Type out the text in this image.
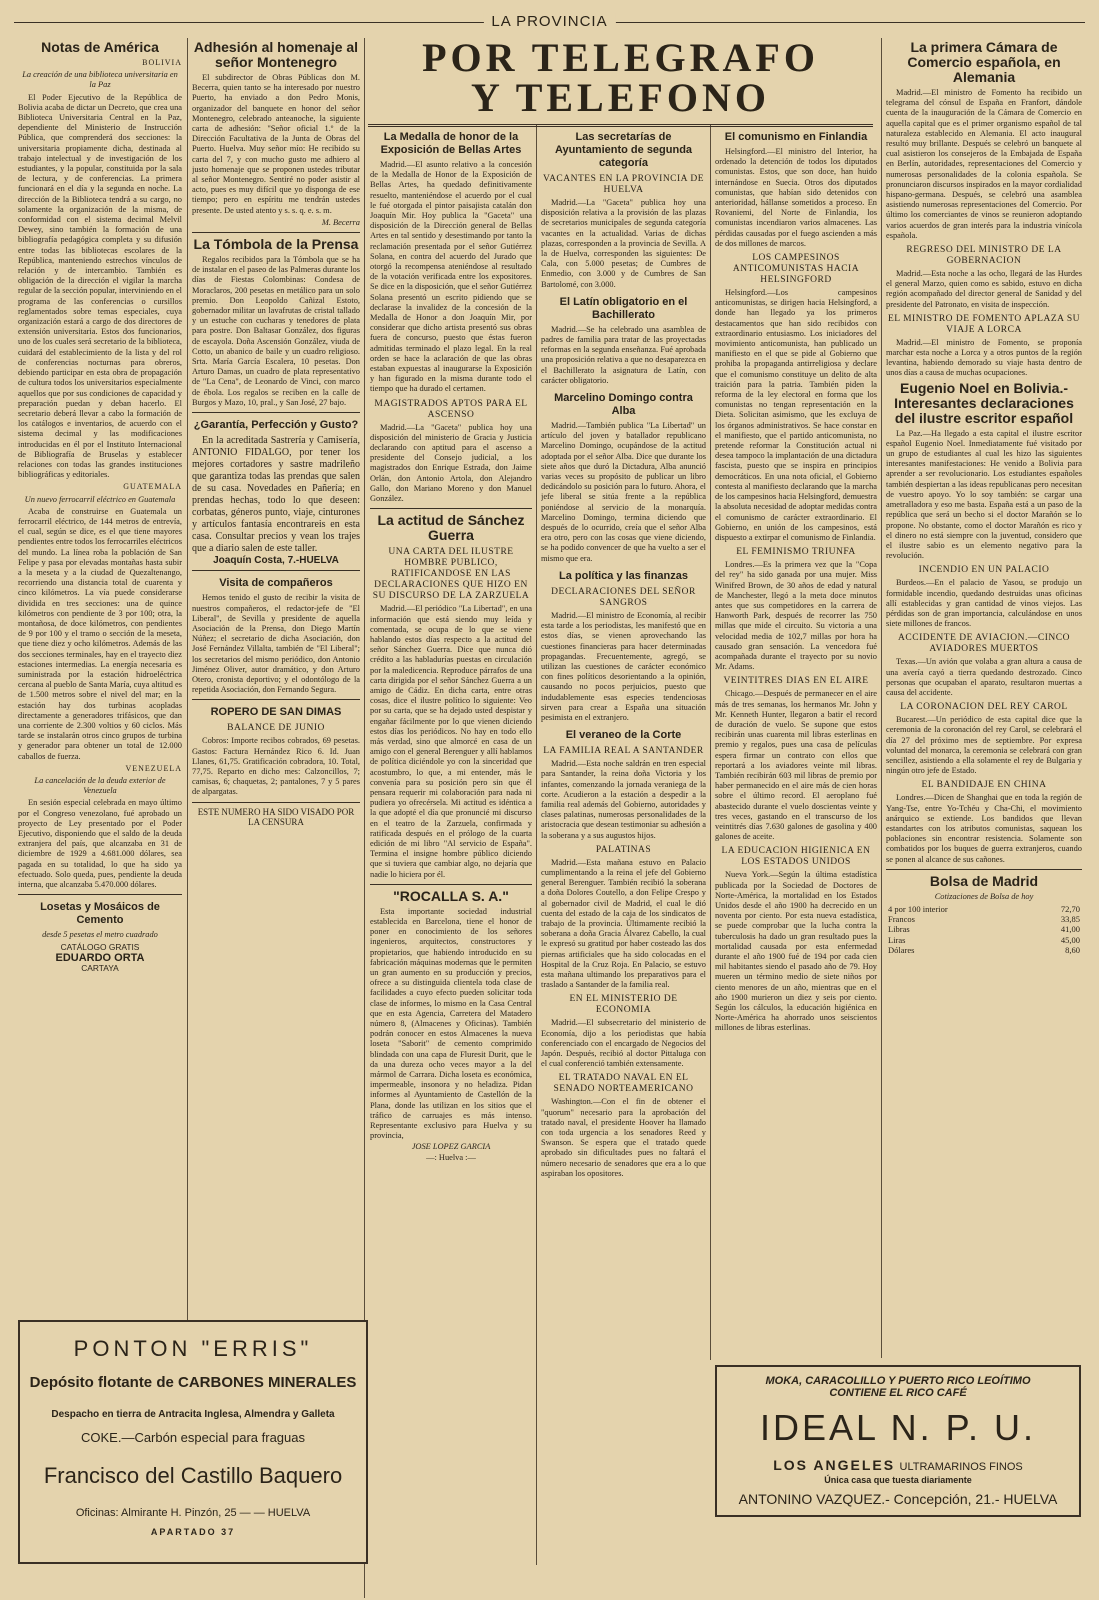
LA PROVINCIA
POR TELEGRAFO
Y TELEFONO
Notas de América
BOLIVIA
La creación de una biblioteca universitaria en la Paz

El Poder Ejecutivo de la República de Bolivia acaba de dictar un Decreto, que crea una Biblioteca Universitaria Central en la Paz, dependiente del Ministerio de Instrucción Pública, que comprenderá dos secciones: la universitaria propiamente dicha, destinada al trabajo intelectual y de investigación de los estudiantes, y la popular, constituida por la sala de lectura, y de conferencias. La primera funcionará en el día y la segunda en noche. La dirección de la Biblioteca tendrá a su cargo, no solamente la organización de la misma, de conformidad con el sistema decimal Melvil Dewey, sino también la formación de una bibliografía pedagógica completa y su difusión entre todas las bibliotecas escolares de la República, manteniendo estrechos vínculos de relación y de intercambio. También es obligación de la dirección el vigilar la marcha regular de la sección popular, interviniendo en el programa de las conferencias o cursillos reglamentados sobre temas especiales, cuya organización estará a cargo de dos directores de extensión universitaria. Estos dos funcionarios, uno de los cuales será secretario de la biblioteca, cuidará del establecimiento de la lista y del rol de conferencias nocturnas para obreros, debiendo participar en esta obra de propagación de cultura todos los universitarios especialmente aquellos que por sus condiciones de capacidad y preparación puedan y deban hacerlo. El secretario deberá llevar a cabo la formación de los catálogos e inventarios, de acuerdo con el sistema decimal y las modificaciones introducidas en él por el Instituto Internacional de Bibliografía de Bruselas y establecer relaciones con todas las grandes instituciones bibliográficas y editoriales.

GUATEMALA
Un nuevo ferrocarril eléctrico en Guatemala

Acaba de construirse en Guatemala un ferrocarril eléctrico, de 144 metros de entrevía, el cual, según se dice, es el que tiene mayores pendientes entre todos los ferrocarriles eléctricos del mundo. La línea roba la población de San Felipe y pasa por elevadas montañas hasta subir a la meseta y a la ciudad de Quezaltenango, recorriendo una distancia total de cuarenta y cinco kilómetros. La vía puede considerarse dividida en tres secciones: una de quince kilómetros con pendiente de 3 por 100; otra, la montañosa, de doce kilómetros, con pendientes de 9 por 100 y el tramo o sección de la meseta, que tiene diez y ocho kilómetros. Además de las dos secciones terminales, hay en el trayecto diez estaciones intermedias. La energía necesaria es suministrada por la estación hidroeléctrica cercana al pueblo de Santa María, cuya altitud es de 1.500 metros sobre el nivel del mar; en la estación hay dos turbinas acopladas directamente a generadores trifásicos, que dan una corriente de 2.300 voltios y 60 ciclos. Más tarde se instalarán otros cinco grupos de turbina y generador para obtener un total de 12.000 caballos de fuerza.

VENEZUELA
La cancelación de la deuda exterior de Venezuela

En sesión especial celebrada en mayo último por el Congreso venezolano, fué aprobado un proyecto de Ley presentado por el Poder Ejecutivo, disponiendo que el saldo de la deuda extranjera del país, que alcanzaba en 31 de diciembre de 1929 a 4.681.000 dólares, sea pagada en su totalidad, lo que ha sido ya efectuado. Solo queda, pues, pendiente la deuda interna, que alcanzaba 5.470.000 dólares.

Losetas y Mosáicos de Cemento
desde 5 pesetas el metro cuadrado
CATÁLOGO GRATIS
EDUARDO ORTA
CARTAYA
Adhesión al homenaje al señor Montenegro

El subdirector de Obras Públicas don M. Becerra, quien tanto se ha interesado por nuestro Puerto, ha enviado a don Pedro Monis, organizador del banquete en honor del señor Montenegro, celebrado anteanoche, la siguiente carta de adhesión: "Señor oficial 1.º de la Dirección Facultativa de la Junta de Obras del Puerto. Huelva. Muy señor mío: He recibido su carta del 7, y con mucho gusto me adhiero al justo homenaje que se proponen ustedes tributar al señor Montenegro. Sentiré no poder asistir al acto, pues es muy difícil que yo disponga de ese tiempo; pero en espíritu me tendrán ustedes presente. De usted atento y s. s. q. e. s. m.

M. Becerra
La Tómbola de la Prensa

Regalos recibidos para la Tómbola que se ha de instalar en el paseo de las Palmeras durante los días de Fiestas Colombinas: Condesa de Moraclaros, 200 pesetas en metálico para un solo premio. Don Leopoldo Cañizal Estoto, gobernador militar un lavafrutas de cristal tallado y un estuche con cucharas y tenedores de plata para postre. Don Baltasar González, dos figuras de escayola. Doña Ascensión González, viuda de Cotto, un abanico de baile y un cuadro religioso. Srta. María García Escalera, 10 pesetas. Don Arturo Damas, un cuadro de plata representativo de "La Cena", de Leonardo de Vinci, con marco de ébola. Los regalos se reciben en la calle de Burgos y Mazo, 10, pral., y San José, 27 bajo.

¿Garantía, Perfección y Gusto?

En la acreditada Sastrería y Camisería, ANTONIO FIDALGO, por tener los mejores cortadores y sastre madrileño que garantiza todas las prendas que salen de su casa. Novedades en Pañería; en prendas hechas, todo lo que deseen: corbatas, géneros punto, viaje, cinturones y artículos fantasía encontrareis en esta casa. Consultar precios y vean los trajes que a diario salen de este taller.

Joaquín Costa, 7.-HUELVA
Visita de compañeros

Hemos tenido el gusto de recibir la visita de nuestros compañeros, el redactor-jefe de "El Liberal", de Sevilla y presidente de aquella Asociación de la Prensa, don Diego Martín Núñez; el secretario de dicha Asociación, don José Fernández Villalta, también de "El Liberal"; los secretarios del mismo periódico, don Antonio Jiménez Oliver, autor dramático, y don Arturo Otero, cronista deportivo; y el odontólogo de la repetida Asociación, don Fernando Segura.

ROPERO DE SAN DIMAS
BALANCE DE JUNIO

Cobros: Importe recibos cobrados, 69 pesetas. Gastos: Factura Hernández Rico 6. Id. Juan Llanes, 61,75. Gratificación cobradora, 10. Total, 77,75. Reparto en dicho mes: Calzoncillos, 7; camisas, 6; chaquetas, 2; pantalones, 7 y 5 pares de alpargatas.

ESTE NUMERO HA SIDO VISADO POR LA CENSURA
La Medalla de honor de la Exposición de Bellas Artes

Madrid.—El asunto relativo a la concesión de la Medalla de Honor de la Exposición de Bellas Artes, ha quedado definitivamente resuelto, manteniéndose el acuerdo por el cual le fué otorgada el pintor paisajista catalán don Joaquín Mir. Hoy publica la "Gaceta" una disposición de la Dirección general de Bellas Artes en tal sentido y desestimando por tanto la reclamación presentada por el señor Gutiérrez Solana, en contra del acuerdo del Jurado que otorgó la recompensa ateniéndose al resultado de la votación verificada entre los expositores. Se dice en la disposición, que el señor Gutiérrez Solana presentó un escrito pidiendo que se declarase la invalidez de la concesión de la Medalla de Honor a don Joaquín Mir, por considerar que dicho artista presentó sus obras fuera de concurso, puesto que éstas fueron admitidas terminado el plazo legal. En la real orden se hace la aclaración de que las obras estaban expuestas al inaugurarse la Exposición y han figurado en la misma durante todo el tiempo que ha durado el certamen.

MAGISTRADOS APTOS PARA EL ASCENSO

Madrid.—La "Gaceta" publica hoy una disposición del ministerio de Gracia y Justicia declarando con aptitud para el ascenso a presidente del Consejo judicial, a los magistrados don Enrique Estrada, don Jaime Orlán, don Antonio Artola, don Alejandro Gallo, don Mariano Moreno y don Manuel González.

La actitud de Sánchez Guerra
UNA CARTA DEL ILUSTRE HOMBRE PUBLICO, RATIFICANDOSE EN LAS DECLARACIONES QUE HIZO EN SU DISCURSO DE LA ZARZUELA

Madrid.—El periódico "La Libertad", en una información que está siendo muy leída y comentada, se ocupa de lo que se viene hablando estos días respecto a la actitud del señor Sánchez Guerra. Dice que nunca dió crédito a las habladurías puestas en circulación por la maledicencia. Reproduce párrafos de una carta dirigida por el señor Sánchez Guerra a un amigo de Cádiz. En dicha carta, entre otras cosas, dice el ilustre político lo siguiente: Veo por su carta, que se ha dejado usted despistar y engañar fácilmente por lo que vienen diciendo estos días los periódicos. No hay en todo ello más verdad, sino que almorcé en casa de un amigo con el general Berenguer y allí hablamos de política diciéndole yo con la sinceridad que acostumbro, lo que, a mi entender, más le convenía para su posición pero sin que él pensara requerir mi colaboración para nada ni pudiera yo ofrecérsela. Mi actitud es idéntica a la que adopté el día que pronuncié mi discurso en el teatro de la Zarzuela, confirmada y ratificada después en el prólogo de la cuarta edición de mi libro "Al servicio de España". Termina el insigne hombre público diciendo que si tuviera que cambiar algo, no dejaría que nadie lo hiciera por él.

"ROCALLA S. A."

Esta importante sociedad industrial establecida en Barcelona, tiene el honor de poner en conocimiento de los señores ingenieros, arquitectos, constructores y propietarios, que habiendo introducido en su fabricación máquinas modernas que le permiten un gran aumento en su producción y precios, ofrece a su distinguida clientela toda clase de facilidades a cuyo efecto pueden solicitar toda clase de informes, lo mismo en la Casa Central que en esta Agencia, Carretera del Matadero número 8, (Almacenes y Oficinas). También podrán conocer en estos Almacenes la nueva loseta "Saborit" de cemento comprimido blindada con una capa de Fluresit Durit, que le da una dureza ocho veces mayor a la del mármol de Carrara. Dicha loseta es económica, impermeable, insonora y no heladiza. Pidan informes al Ayuntamiento de Castellón de la Plana, donde las utilizan en los sitios que el tráfico de carruajes es más intenso. Representante exclusivo para Huelva y su provincia,

JOSE LOPEZ GARCIA
—: Huelva :—
Las secretarías de Ayuntamiento de segunda categoría
VACANTES EN LA PROVINCIA DE HUELVA

Madrid.—La "Gaceta" publica hoy una disposición relativa a la provisión de las plazas de secretarios municipales de segunda categoría vacantes en la actualidad. Varias de dichas plazas, corresponden a la provincia de Sevilla. A la de Huelva, corresponden las siguientes: De Cala, con 5.000 pesetas; de Cumbres de Enmedio, con 3.000 y de Cumbres de San Bartolomé, con 3.000.

El Latín obligatorio en el Bachillerato

Madrid.—Se ha celebrado una asamblea de padres de familia para tratar de las proyectadas reformas en la segunda enseñanza. Fué aprobada una proposición relativa a que no desaparezca en el Bachillerato la asignatura de Latín, con carácter obligatorio.

Marcelino Domingo contra Alba

Madrid.—También publica "La Libertad" un artículo del joven y batallador republicano Marcelino Domingo, ocupándose de la actitud adoptada por el señor Alba. Dice que durante los siete años que duró la Dictadura, Alba anunció varias veces su propósito de publicar un libro dedicándolo su posición para lo futuro. Ahora, el jefe liberal se sitúa frente a la república poniéndose al servicio de la monarquía. Marcelino Domingo, termina diciendo que después de lo ocurrido, creía que el señor Alba era otro, pero con las cosas que viene diciendo, se ha podido convencer de que ha vuelto a ser el mismo que era.

La política y las finanzas
DECLARACIONES DEL SEÑOR SANGROS

Madrid.—El ministro de Economía, al recibir esta tarde a los periodistas, les manifestó que en estos días, se vienen aprovechando las cuestiones financieras para hacer determinadas propagandas. Frecuentemente, agregó, se utilizan las cuestiones de carácter económico con fines políticos desorientando a la opinión, causando no pocos perjuicios, puesto que indudablemente esas especies tendenciosas sirven para crear a España una situación pesimista en el extranjero.

El veraneo de la Corte
LA FAMILIA REAL A SANTANDER

Madrid.—Esta noche saldrán en tren especial para Santander, la reina doña Victoria y los infantes, comenzando la jornada veraniega de la corte. Acudieron a la estación a despedir a la familia real además del Gobierno, autoridades y clases palatinas, numerosas personalidades de la aristocracia que desean testimoniar su adhesión a la soberana y a sus augustos hijos.

PALATINAS

Madrid.—Esta mañana estuvo en Palacio cumplimentando a la reina el jefe del Gobierno general Berenguer. También recibió la soberana a doña Dolores Coutello, a don Felipe Crespo y al gobernador civil de Madrid, el cual le dió cuenta del estado de la caja de los sindicatos de trabajo de la provincia. Últimamente recibió la soberana a doña Gracia Álvarez Cabello, la cual le expresó su gratitud por haber costeado las dos piernas artificiales que ha sido colocadas en el Hospital de la Cruz Roja. En Palacio, se estuvo esta mañana ultimando los preparativos para el traslado a Santander de la familia real.

EN EL MINISTERIO DE ECONOMIA

Madrid.—El subsecretario del ministerio de Economía, dijo a los periodistas que había conferenciado con el encargado de Negocios del Japón. Después, recibió al doctor Pittaluga con el cual conferenció también extensamente.

EL TRATADO NAVAL EN EL SENADO NORTEAMERICANO

Washington.—Con el fin de obtener el "quorum" necesario para la aprobación del tratado naval, el presidente Hoover ha llamado con toda urgencia a los senadores Reed y Swanson. Se espera que el tratado quede aprobado sin dificultades pues no faltará el número necesario de senadores que era a lo que aspiraban los opositores.

El comunismo en Finlandia

Helsingford.—El ministro del Interior, ha ordenado la detención de todos los diputados comunistas. Estos, que son doce, han huido internándose en Suecia. Otros dos diputados comunistas, que habían sido detenidos con anterioridad, hállanse sometidos a proceso. En Rovaniemi, del Norte de Finlandia, los comunistas incendiaron varios almacenes. Las pérdidas causadas por el fuego ascienden a más de dos millones de marcos.

LOS CAMPESINOS ANTICOMUNISTAS HACIA HELSINGFORD

Helsingford.—Los campesinos anticomunistas, se dirigen hacia Helsingford, a donde han llegado ya los primeros destacamentos que han sido recibidos con extraordinario entusiasmo. Los iniciadores del movimiento anticomunista, han publicado un manifiesto en el que se pide al Gobierno que prohiba la propaganda antirreligiosa y declare que el comunismo constituye un delito de alta traición para la patria. También piden la reforma de la ley electoral en forma que los comunistas no tengan representación en la Dieta. Solicitan asimismo, que les excluya de los órganos administrativos. Se hace constar en el manifiesto, que el partido anticomunista, no pretende reformar la Constitución actual ni desea tampoco la implantación de una dictadura fascista, puesto que se inspira en principios democráticos. En una nota oficial, el Gobierno contesta al manifiesto declarando que la marcha de los campesinos hacia Helsingford, demuestra la absoluta necesidad de adoptar medidas contra el comunismo de carácter extraordinario. El Gobierno, en unión de los campesinos, está dispuesto a extirpar el comunismo de Finlandia.

EL FEMINISMO TRIUNFA

Londres.—Es la primera vez que la "Copa del rey" ha sido ganada por una mujer. Miss Winifred Brown, de 30 años de edad y natural de Manchester, llegó a la meta doce minutos antes que sus competidores en la carrera de Hanworth Park, después de recorrer las 750 millas que mide el circuito. Su victoria a una velocidad media de 102,7 millas por hora ha causado gran sensación. La vencedora fué acompañada durante el trayecto por su novio Mr. Adams.

VEINTITRES DIAS EN EL AIRE

Chicago.—Después de permanecer en el aire más de tres semanas, los hermanos Mr. John y Mr. Kenneth Hunter, llegaron a batir el record de duración de vuelo. Se supone que estos recibirán unas cuarenta mil libras esterlinas en premio y regalos, pues una casa de películas espera firmar un contrato con ellos que reportará a los aviadores veinte mil libras. También recibirán 603 mil libras de premio por haber permanecido en el aire más de cien horas sobre el último record. El aeroplano fué abastecido durante el vuelo doscientas veinte y tres veces, gastando en el transcurso de los veintitrés días 7.630 galones de gasolina y 400 galones de aceite.

LA EDUCACION HIGIENICA EN LOS ESTADOS UNIDOS

Nueva York.—Según la última estadística publicada por la Sociedad de Doctores de Norte-América, la mortalidad en los Estados Unidos desde el año 1900 ha decrecido en un noventa por ciento. Por esta nueva estadística, se puede comprobar que la lucha contra la tuberculosis ha dado un gran resultado pues la mortalidad causada por esta enfermedad durante el año 1900 fué de 194 por cada cien mil habitantes siendo el pasado año de 79. Hoy mueren un término medio de siete niños por ciento menores de un año, mientras que en el año 1900 murieron un diez y seis por ciento. Según los cálculos, la educación higiénica en Norte-América ha ahorrado unos seiscientos millones de libras esterlinas.

La primera Cámara de Comercio española, en Alemania

Madrid.—El ministro de Fomento ha recibido un telegrama del cónsul de España en Franfort, dándole cuenta de la inauguración de la Cámara de Comercio en aquella capital que es el primer organismo español de tal naturaleza establecido en Alemania. El acto inaugural resultó muy brillante. Después se celebró un banquete al cual asistieron los consejeros de la Embajada de España en Berlín, autoridades, representaciones del Comercio y numerosas personalidades de la colonia española. Se pronunciaron discursos inspirados en la mayor cordialidad hispano-germana. Después, se celebró una asamblea asistiendo numerosas representaciones del Comercio. Por último los comerciantes de vinos se reunieron adoptando varios acuerdos de gran interés para la industria vinícola española.

REGRESO DEL MINISTRO DE LA GOBERNACION

Madrid.—Esta noche a las ocho, llegará de las Hurdes el general Marzo, quien como es sabido, estuvo en dicha región acompañado del director general de Sanidad y del presidente del Patronato, en visita de inspección.

EL MINISTRO DE FOMENTO APLAZA SU VIAJE A LORCA

Madrid.—El ministro de Fomento, se proponía marchar esta noche a Lorca y a otros puntos de la región levantina, habiendo demorado su viaje hasta dentro de unos días a causa de muchas ocupaciones.

Eugenio Noel en Bolivia.-Interesantes declaraciones del ilustre escritor español

La Paz.—Ha llegado a esta capital el ilustre escritor español Eugenio Noel. Inmediatamente fué visitado por un grupo de estudiantes al cual les hizo las siguientes interesantes manifestaciones: He venido a Bolivia para aprender a ser revolucionario. Los estudiantes españoles también despiertan a las ideas republicanas pero necesitan de vuestro apoyo. Yo lo soy también: se cargar una ametralladora y eso me basta. España está a un paso de la república que será un becho si el doctor Marañón se lo propone. No obstante, como el doctor Marañón es rico y el dinero no está siempre con la juventud, considero que el ilustre sabio es un elemento negativo para la revolución.

INCENDIO EN UN PALACIO

Burdeos.—En el palacio de Yasou, se produjo un formidable incendio, quedando destruidas unas oficinas allí establecidas y gran cantidad de vinos viejos. Las pérdidas son de gran importancia, calculándose en unos siete millones de francos.

ACCIDENTE DE AVIACION.—CINCO AVIADORES MUERTOS

Texas.—Un avión que volaba a gran altura a causa de una avería cayó a tierra quedando destrozado. Cinco personas que ocupaban el aparato, resultaron muertas a causa del accidente.

LA CORONACION DEL REY CAROL

Bucarest.—Un periódico de esta capital dice que la ceremonia de la coronación del rey Carol, se celebrará el día 27 del próximo mes de septiembre. Por expresa voluntad del monarca, la ceremonia se celebrará con gran sencillez, asistiendo a ella solamente el rey de Bulgaria y ningún otro jefe de Estado.

EL BANDIDAJE EN CHINA

Londres.—Dicen de Shanghai que en toda la región de Yang-Tse, entre Yo-Tchéu y Cha-Chi, el movimiento anárquico se extiende. Los bandidos que llevan estandartes con los atributos comunistas, saquean los poblaciones sin encontrar resistencia. Solamente son combatidos por los buques de guerra extranjeros, cuando se ponen al alcance de sus cañones.

Bolsa de Madrid
Cotizaciones de Bolsa de hoy
4 por 100 interior	72,70
Francos	33,85
Libras	41,00
Liras	45,00
Dólares	8,60
PONTON "ERRIS"
Depósito flotante de CARBONES MINERALES
Despacho en tierra de Antracita Inglesa, Almendra y Galleta
COKE.—Carbón especial para fraguas
Francisco del Castillo Baquero
Oficinas: Almirante H. Pinzón, 25 — — HUELVA
APARTADO 37
MOKA, CARACOLILLO Y PUERTO RICO LEOÍTIMO
CONTIENE EL RICO CAFÉ
IDEAL N. P. U.
LOS ANGELES ULTRAMARINOS FINOS
Única casa que tuesta diariamente
ANTONINO VAZQUEZ.- Concepción, 21.- HUELVA
